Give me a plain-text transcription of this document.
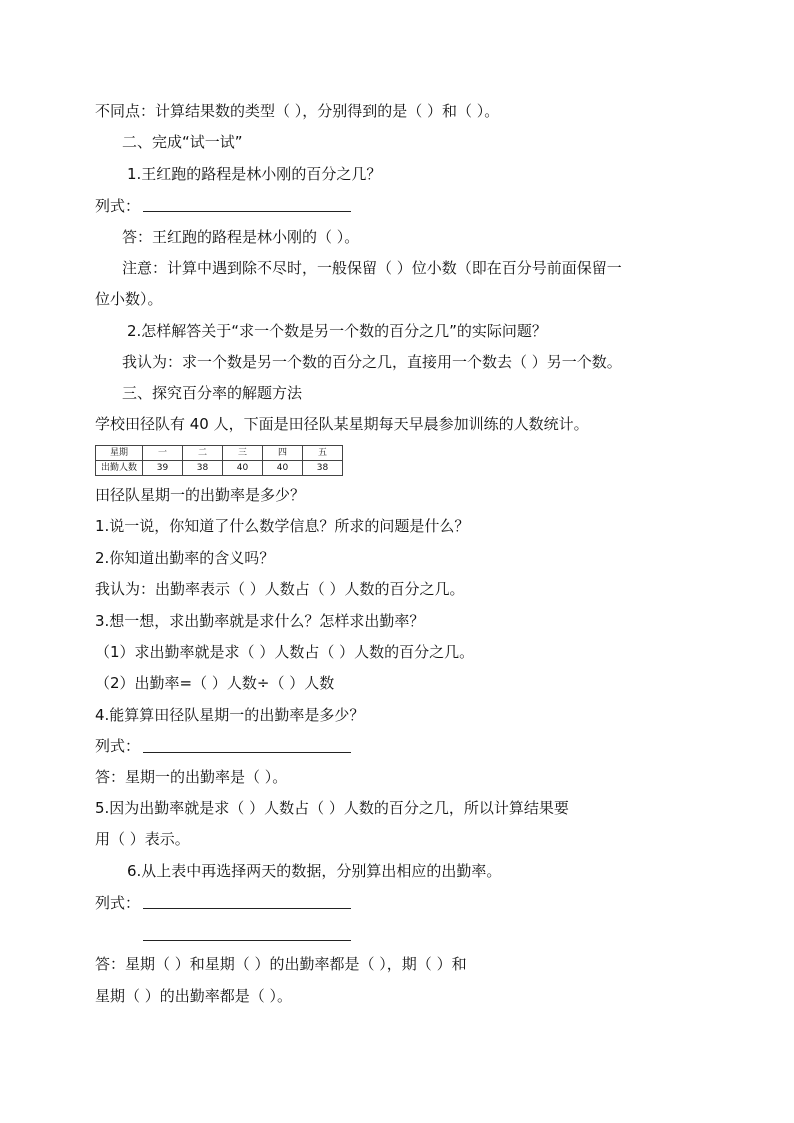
不同点：计算结果数的类型（ ），分别得到的是（ ）和（ ）。
二、完成“试一试”
1.王红跑的路程是林小刚的百分之几？
列式：
答：王红跑的路程是林小刚的（ ）。
注意：计算中遇到除不尽时，一般保留（ ）位小数（即在百分号前面保留一
位小数）。
2.怎样解答关于“求一个数是另一个数的百分之几”的实际问题？
我认为：求一个数是另一个数的百分之几，直接用一个数去（ ）另一个数。
三、探究百分率的解题方法
学校田径队有 40 人，下面是田径队某星期每天早晨参加训练的人数统计。
星期	一	二	三	四	五
出勤人数	39	38	40	40	38
田径队星期一的出勤率是多少？
1.说一说，你知道了什么数学信息？所求的问题是什么？
2.你知道出勤率的含义吗？
我认为：出勤率表示（ ）人数占（ ）人数的百分之几。
3.想一想，求出勤率就是求什么？怎样求出勤率？
（1）求出勤率就是求（ ）人数占（ ）人数的百分之几。
（2）出勤率=（ ）人数÷（ ）人数
4.能算算田径队星期一的出勤率是多少？
列式：
答：星期一的出勤率是（ ）。
5.因为出勤率就是求（ ）人数占（ ）人数的百分之几，所以计算结果要
用（ ）表示。
6.从上表中再选择两天的数据，分别算出相应的出勤率。
列式：
答：星期（ ）和星期（ ）的出勤率都是（ ），期（ ）和
星期（ ）的出勤率都是（ ）。
